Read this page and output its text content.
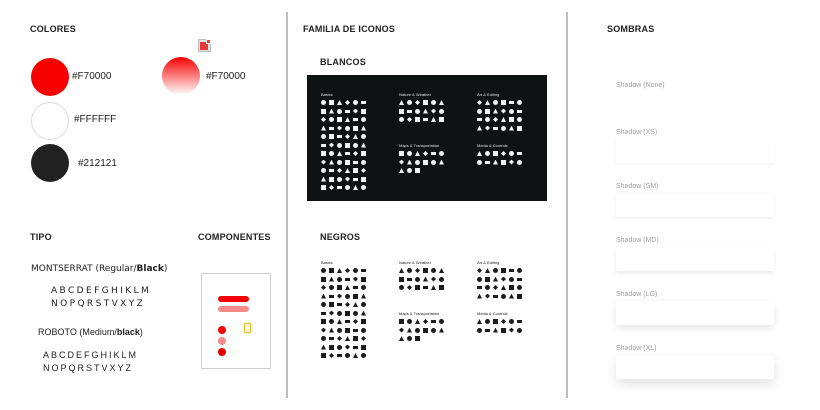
COLORES
#F70000	#F70000
#FFFFFF
#212121
TIPO
MONTSERRAT (Regular/Black)
ABCDEFGHIKLM
NOPQRSTVXYZ
ROBOTO (Medium/black)
ABCDEFGHIKLM
NOPQRSTVXYZ
COMPONENTES
FAMILIA DE ICONOS
BLANCOS
Basics	Nature & Weather	Art & Editing
Maps & Transportation	Media & Controls
NEGROS
Basics	Nature & Weather	Art & Editing
Maps & Transportation	Media & Controls
SOMBRAS
Shadow (None)
Shadow (XS)
Shadow (SM)
Shadow (MD)
Shadow (LG)
Shadow (XL)
